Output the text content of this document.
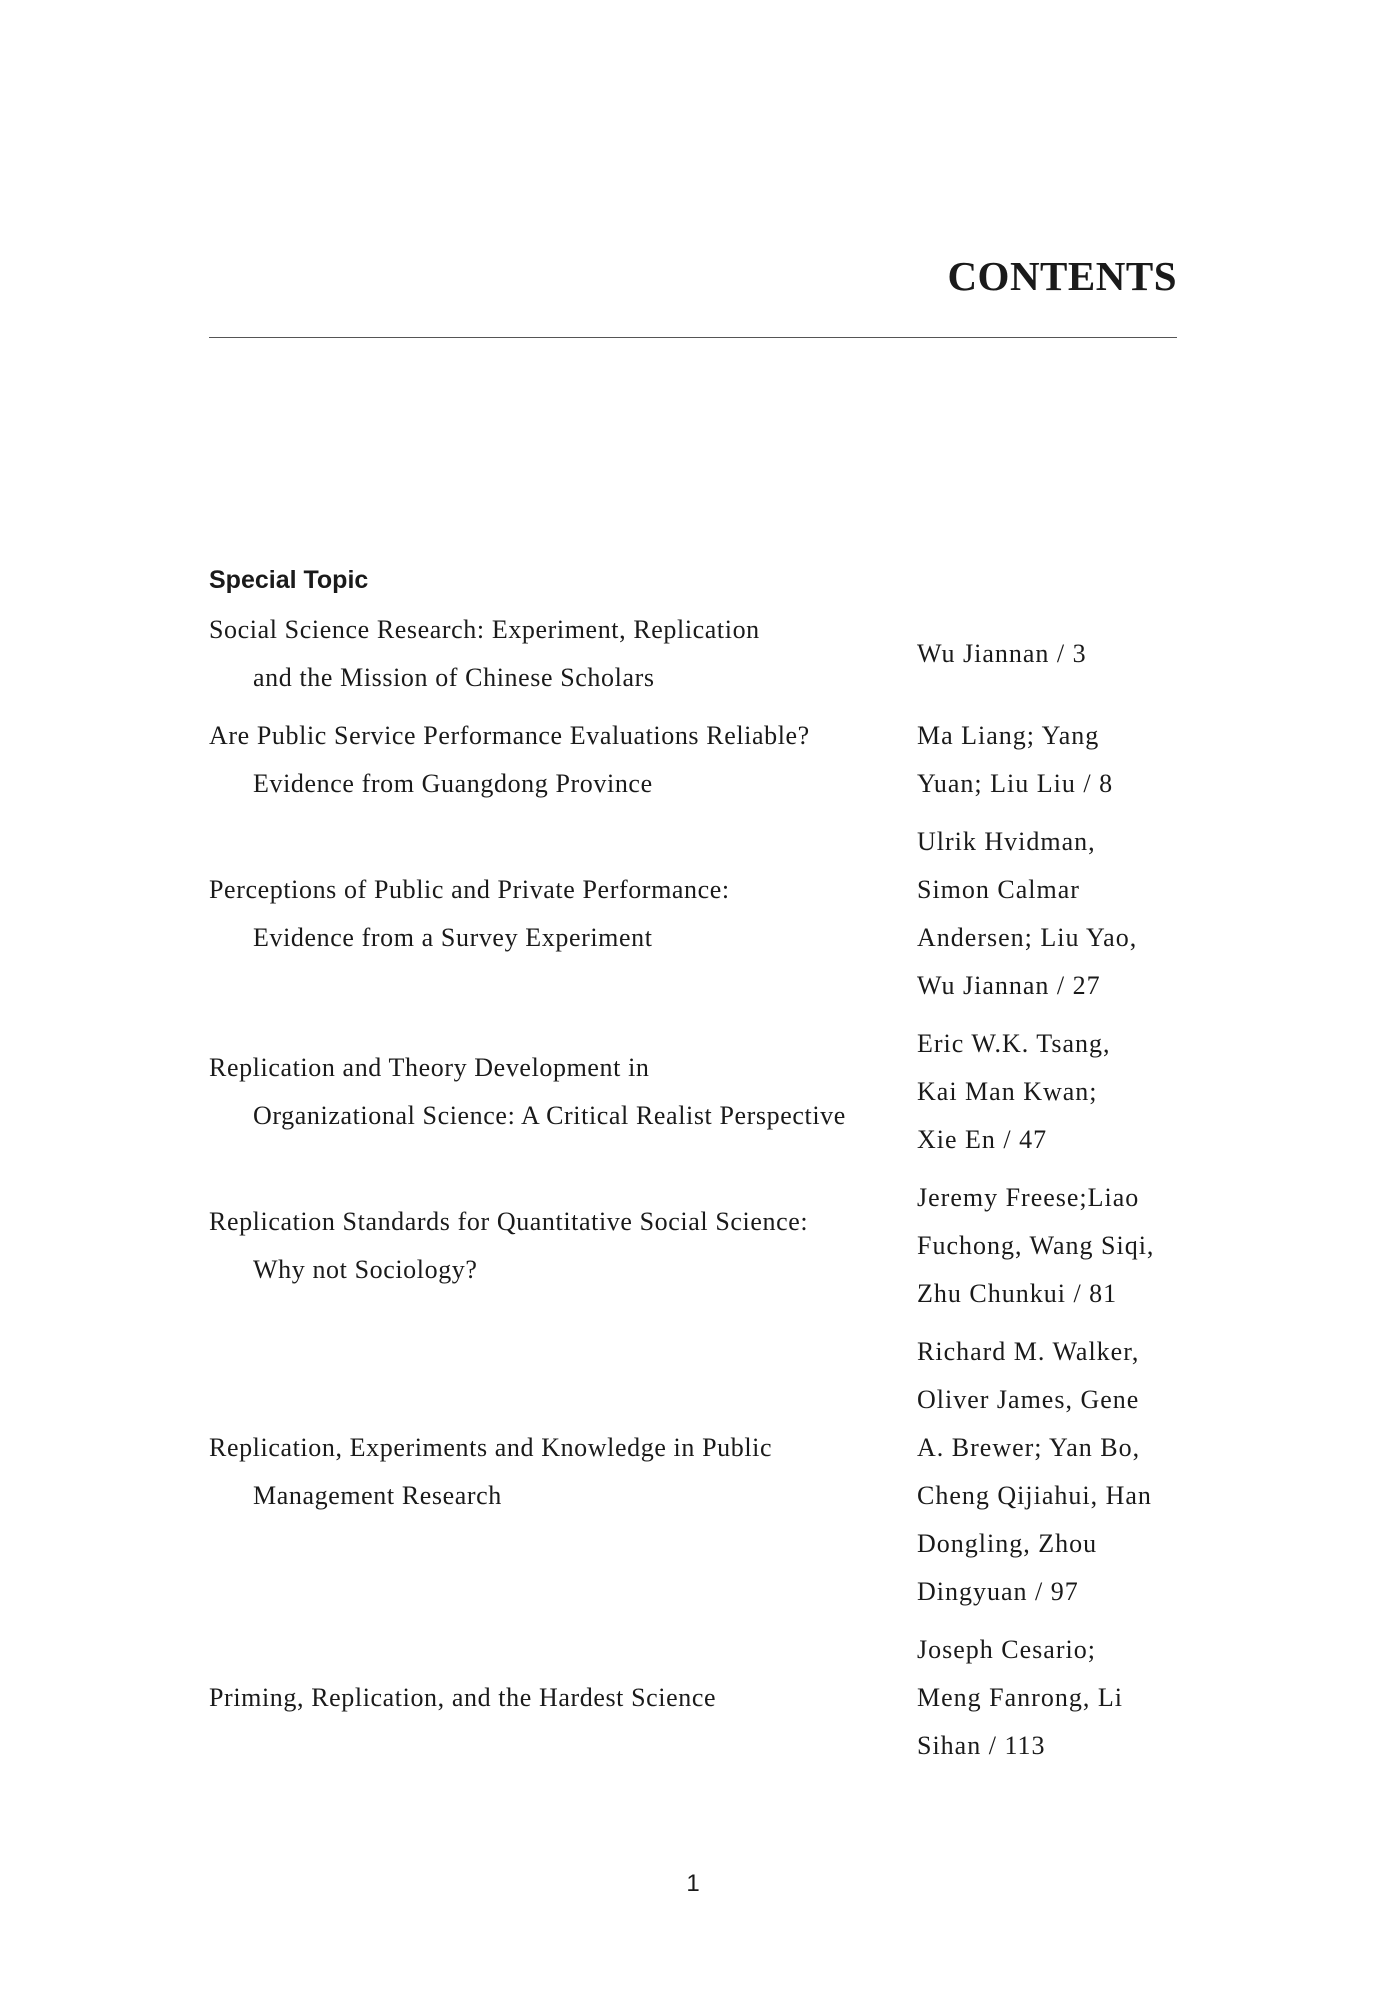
CONTENTS
Special Topic
Social Science Research: Experiment, Replication
and the Mission of Chinese Scholars
Wu Jiannan / 3
Are Public Service Performance Evaluations Reliable?
Evidence from Guangdong Province
Ma Liang; Yang
Yuan; Liu Liu / 8
Perceptions of Public and Private Performance:
Evidence from a Survey Experiment
Ulrik Hvidman,
Simon Calmar
Andersen; Liu Yao,
Wu Jiannan / 27
Replication and Theory Development in
Organizational Science: A Critical Realist Perspective
Eric W.K. Tsang,
Kai Man Kwan;
Xie En / 47
Replication Standards for Quantitative Social Science:
Why not Sociology?
Jeremy Freese;Liao
Fuchong, Wang Siqi,
Zhu Chunkui / 81
Replication, Experiments and Knowledge in Public
Management Research
Richard M. Walker,
Oliver James, Gene
A. Brewer; Yan Bo,
Cheng Qijiahui, Han
Dongling, Zhou
Dingyuan / 97
Priming, Replication, and the Hardest Science
Joseph Cesario;
Meng Fanrong, Li
Sihan / 113
1
